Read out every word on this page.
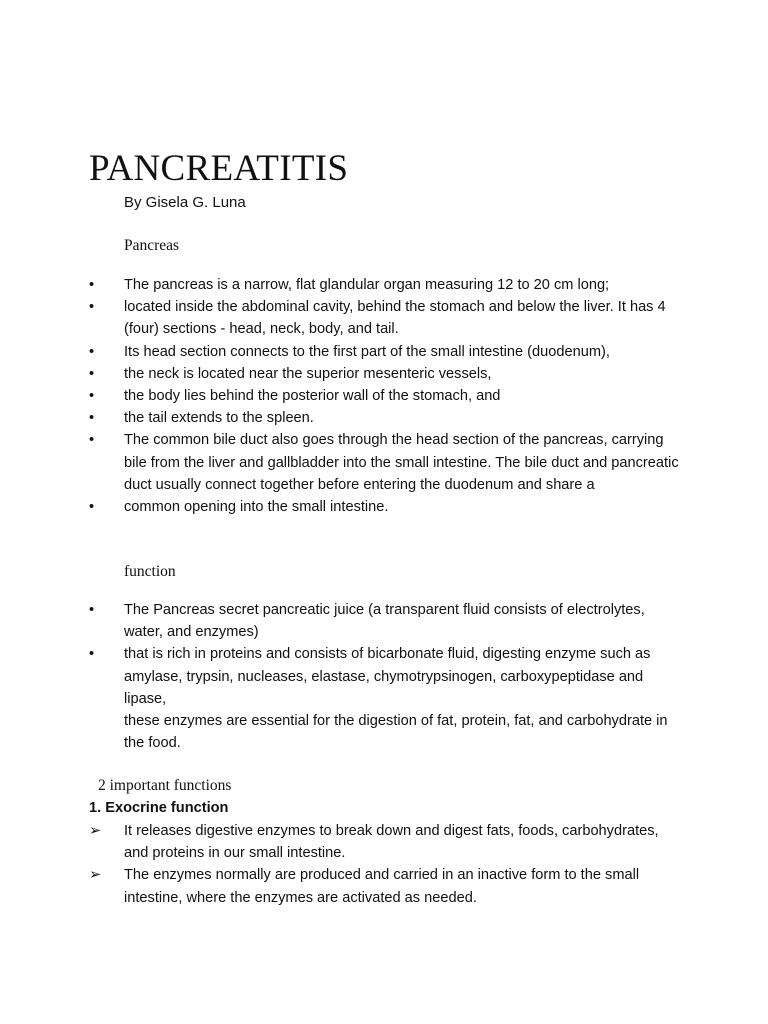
PANCREATITIS
By Gisela G. Luna
Pancreas
•	The pancreas is a narrow, flat glandular organ measuring 12 to 20 cm long;
•	located inside the abdominal cavity, behind the stomach and below the liver. It has 4 (four) sections - head, neck, body, and tail.
•	Its head section connects to the first part of the small intestine (duodenum),
•	the neck is located near the superior mesenteric vessels,
•	the body lies behind the posterior wall of the stomach, and
•	the tail extends to the spleen.
•	The common bile duct also goes through the head section of the pancreas, carrying bile from the liver and gallbladder into the small intestine. The bile duct and pancreatic duct usually connect together before entering the duodenum and share a
•	common opening into the small intestine.
function
•	The Pancreas secret pancreatic juice (a transparent fluid consists of electrolytes, water, and enzymes)
•	that is rich in proteins and consists of bicarbonate fluid, digesting enzyme such as amylase, trypsin, nucleases, elastase, chymotrypsinogen, carboxypeptidase and lipase,
these enzymes are essential for the digestion of fat, protein, fat, and carbohydrate in the food.
2 important functions
1. Exocrine function
➢	It releases digestive enzymes to break down and digest fats, foods, carbohydrates, and proteins in our small intestine.
➢	The enzymes normally are produced and carried in an inactive form to the small intestine, where the enzymes are activated as needed.
